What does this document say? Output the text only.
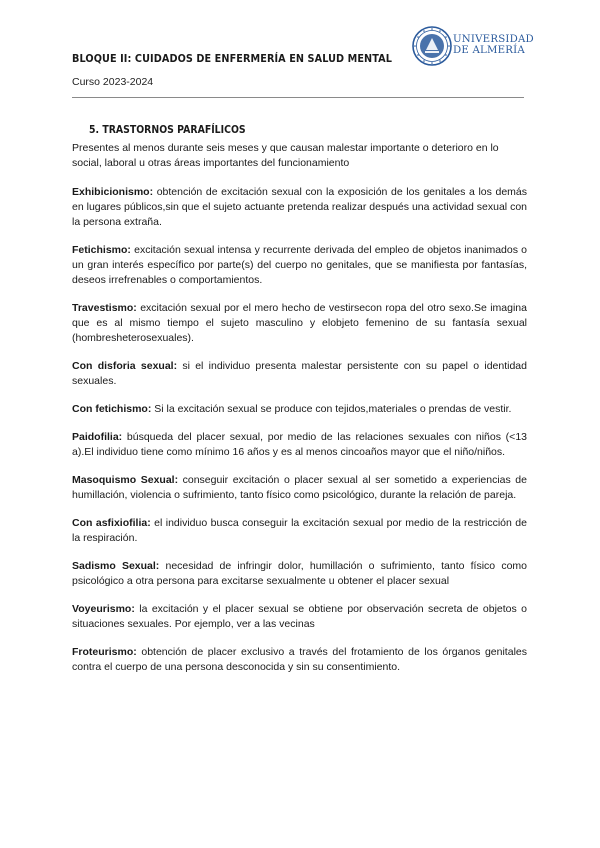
BLOQUE II: CUIDADOS DE ENFERMERÍA EN SALUD MENTAL
Curso 2023-2024
UNIVERSIDAD
DE ALMERÍA
5. TRASTORNOS PARAFÍLICOS

Presentes al menos durante seis meses y que causan malestar importante o deterioro en lo social, laboral u otras áreas importantes del funcionamiento

Exhibicionismo: obtención de excitación sexual con la exposición de los genitales a los demás en lugares públicos,sin que el sujeto actuante pretenda realizar después una actividad sexual con la persona extraña.

Fetichismo: excitación sexual intensa y recurrente derivada del empleo de objetos inanimados o un gran interés específico por parte(s) del cuerpo no genitales, que se manifiesta por fantasías, deseos irrefrenables o comportamientos.

Travestismo: excitación sexual por el mero hecho de vestirsecon ropa del otro sexo.Se imagina que es al mismo tiempo el sujeto masculino y elobjeto femenino de su fantasía sexual (hombresheterosexuales).

Con disforia sexual: si el individuo presenta malestar persistente con su papel o identidad sexuales.

Con fetichismo: Si la excitación sexual se produce con tejidos,materiales o prendas de vestir.

Paidofilia: búsqueda del placer sexual, por medio de las relaciones sexuales con niños (<13 a).El individuo tiene como mínimo 16 años y es al menos cincoaños mayor que el niño/niños.

Masoquismo Sexual: conseguir excitación o placer sexual al ser sometido a experiencias de humillación, violencia o sufrimiento, tanto físico como psicológico, durante la relación de pareja.

Con asfixiofilia: el individuo busca conseguir la excitación sexual por medio de la restricción de la respiración.

Sadismo Sexual: necesidad de infringir dolor, humillación o sufrimiento, tanto físico como psicológico a otra persona para excitarse sexualmente u obtener el placer sexual

Voyeurismo: la excitación y el placer sexual se obtiene por observación secreta de objetos o situaciones sexuales. Por ejemplo, ver a las vecinas

Froteurismo: obtención de placer exclusivo a través del frotamiento de los órganos genitales contra el cuerpo de una persona desconocida y sin su consentimiento.
